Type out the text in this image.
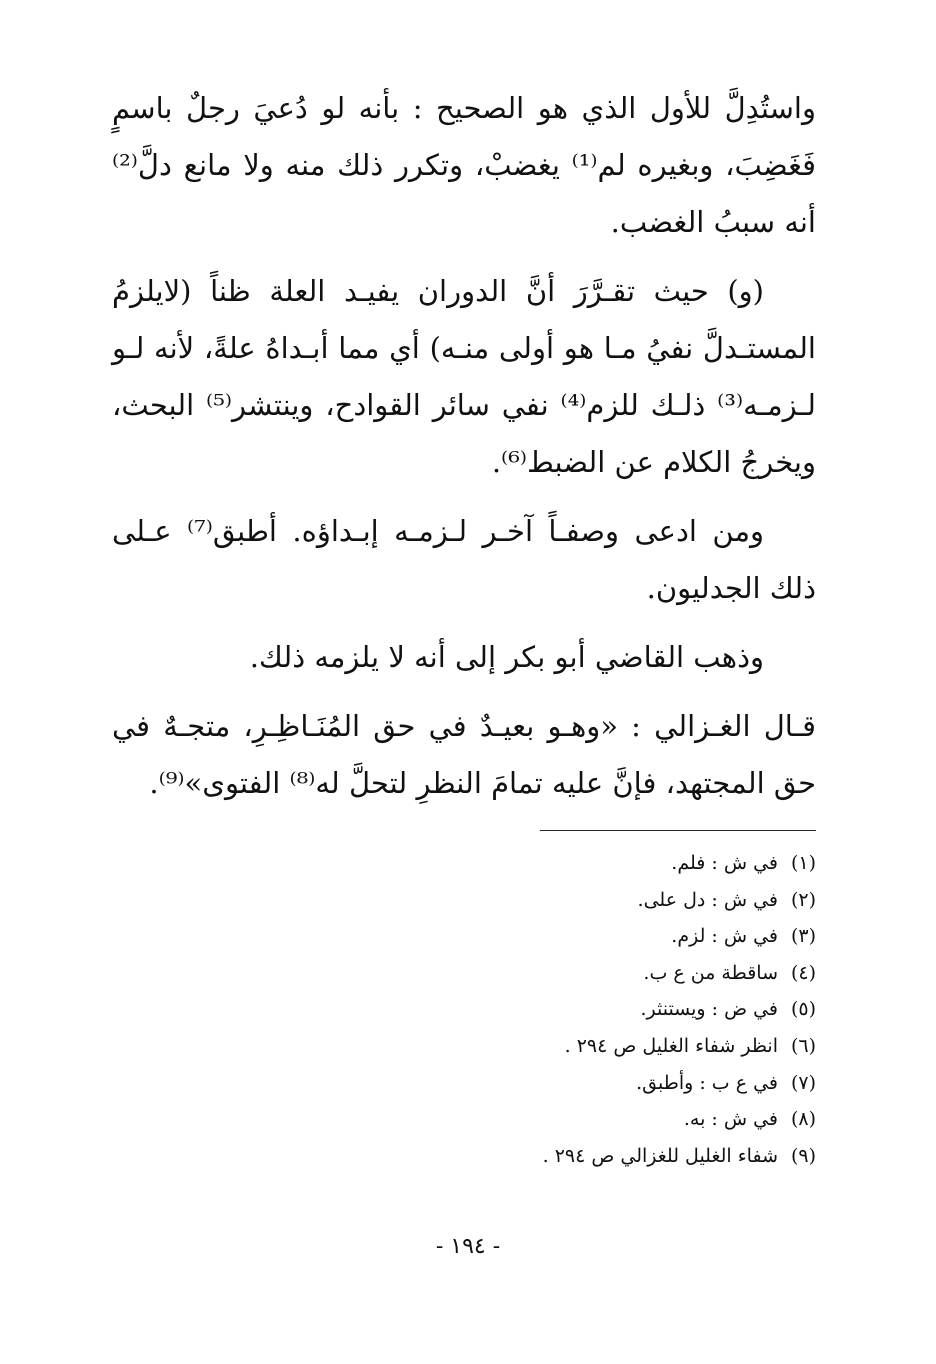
واستُدِلَّ للأول الذي هو الصحيح : بأنه لو دُعيَ رجلٌ باسمٍ فَغَضِبَ، وبغيره لم⁽¹⁾ يغضبْ، وتكرر ذلك منه ولا مانع دلَّ⁽²⁾ أنه سببُ الغضب.

(و) حيث تقـرَّرَ أنَّ الدوران يفيـد العلة ظناً (لايلزمُ المستـدلَّ نفيُ مـا هو أولى منـه) أي مما أبـداهُ علةً، لأنه لـو لـزمـه⁽³⁾ ذلـك للزم⁽⁴⁾ نفي سائر القوادح، وينتشر⁽⁵⁾ البحث، ويخرجُ الكلام عن الضبط⁽⁶⁾.

ومن ادعى وصفـاً آخـر لـزمـه إبـداؤه. أطبق⁽⁷⁾ عـلى ذلك الجدليون.

وذهب القاضي أبو بكر إلى أنه لا يلزمه ذلك.

قـال الغـزالي : «وهـو بعيـدٌ في حق المُنَـاظِـرِ، متجـهٌ في حق المجتهد، فإنَّ عليه تمامَ النظرِ لتحلَّ له⁽⁸⁾ الفتوى»⁽⁹⁾.

(١)في ش : فلم.
(٢)في ش : دل على.
(٣)في ش : لزم.
(٤)ساقطة من ع ب.
(٥)في ض : ويستنثر.
(٦)انظر شفاء الغليل ص ٢٩٤ .
(٧)في ع ب : وأطبق.
(٨)في ش : به.
(٩)شفاء الغليل للغزالي ص ٢٩٤ .
- ١٩٤ -
